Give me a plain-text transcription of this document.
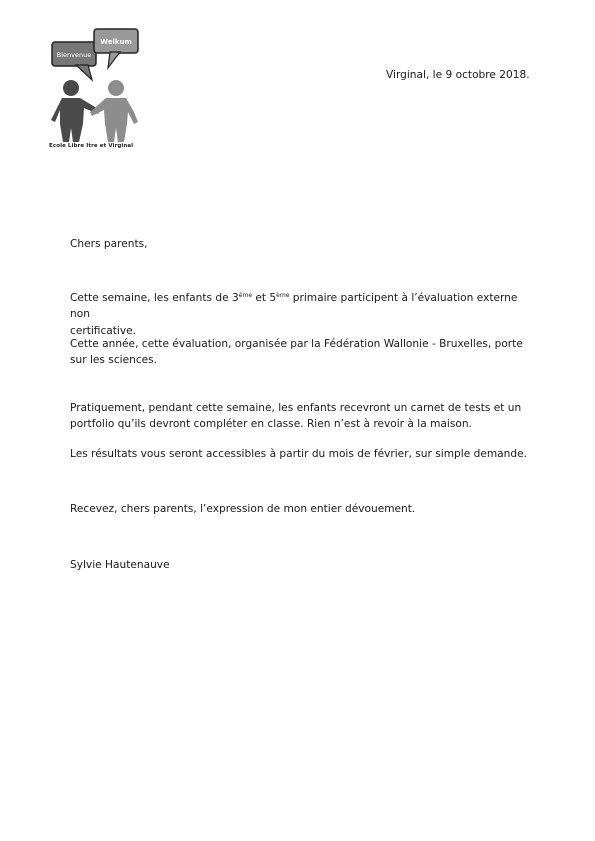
Bienvenue
Welkum
Ecole Libre Itre et Virginal
Virginal, le 9 octobre 2018.
Chers parents,
Cette semaine, les enfants de 3ème et 5ème primaire participent à l’évaluation externe non
certificative.
Cette année, cette évaluation, organisée par la Fédération Wallonie - Bruxelles, porte
sur les sciences.
Pratiquement, pendant cette semaine, les enfants recevront un carnet de tests et un
portfolio qu’ils devront compléter en classe. Rien n’est à revoir à la maison.
Les résultats vous seront accessibles à partir du mois de février, sur simple demande.
Recevez, chers parents, l’expression de mon entier dévouement.
Sylvie Hautenauve
